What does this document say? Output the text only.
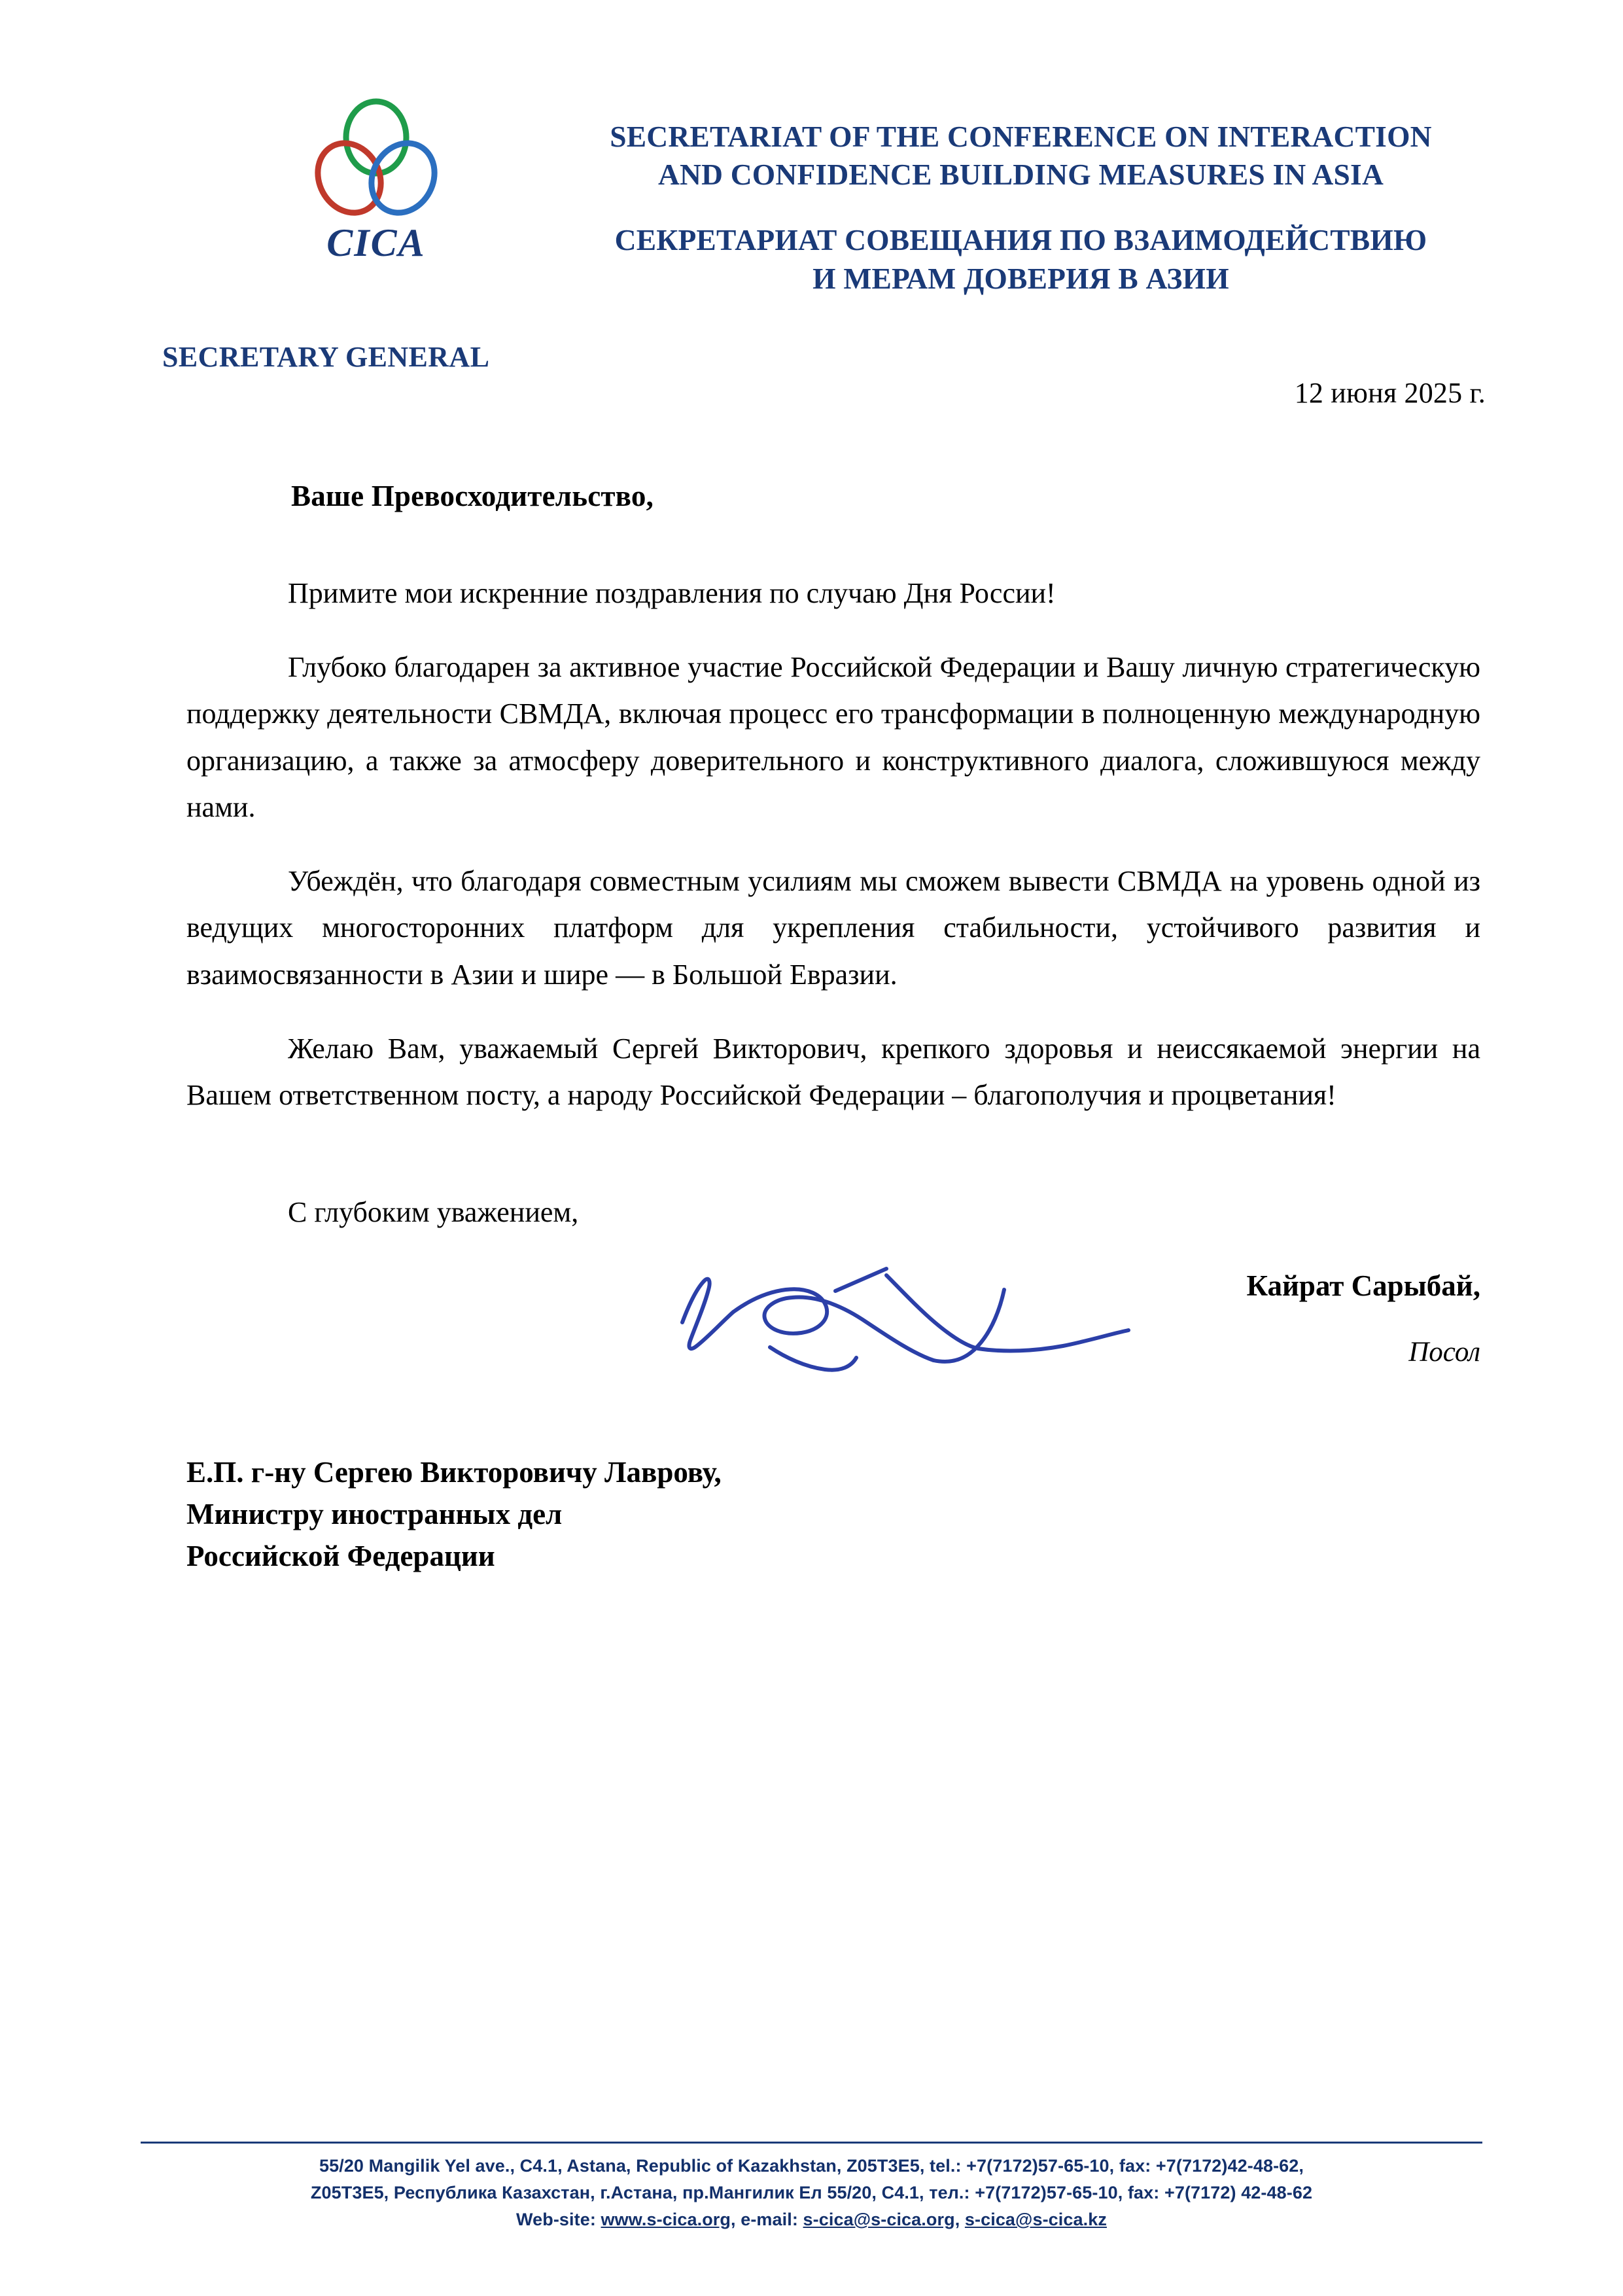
CICA
SECRETARIAT OF THE CONFERENCE ON INTERACTION
AND CONFIDENCE BUILDING MEASURES IN ASIA
СЕКРЕТАРИАТ СОВЕЩАНИЯ ПО ВЗАИМОДЕЙСТВИЮ
И МЕРАМ ДОВЕРИЯ В АЗИИ
SECRETARY GENERAL
12 июня 2025 г.
Ваше Превосходительство,
Примите мои искренние поздравления по случаю Дня России!
Глубоко благодарен за активное участие Российской Федерации и Вашу личную стратегическую поддержку деятельности СВМДА, включая процесс его трансформации в полноценную международную организацию, а также за атмосферу доверительного и конструктивного диалога, сложившуюся между нами.
Убеждён, что благодаря совместным усилиям мы сможем вывести СВМДА на уровень одной из ведущих многосторонних платформ для укрепления стабильности, устойчивого развития и взаимосвязанности в Азии и шире — в Большой Евразии.
Желаю Вам, уважаемый Сергей Викторович, крепкого здоровья и неиссякаемой энергии на Вашем ответственном посту, а народу Российской Федерации – благополучия и процветания!
С глубоким уважением,
Кайрат Сарыбай,
Посол
Е.П. г-ну Сергею Викторовичу Лаврову,
Министру иностранных дел
Российской Федерации
55/20 Mangilik Yel ave., C4.1, Astana, Republic of Kazakhstan, Z05T3E5, tel.: +7(7172)57-65-10, fax: +7(7172)42-48-62,
Z05T3E5, Республика Казахстан, г.Астана, пр.Мангилик Ел 55/20, C4.1, тел.: +7(7172)57-65-10, fax: +7(7172) 42-48-62
Web-site: www.s-cica.org, e-mail: s-cica@s-cica.org, s-cica@s-cica.kz
